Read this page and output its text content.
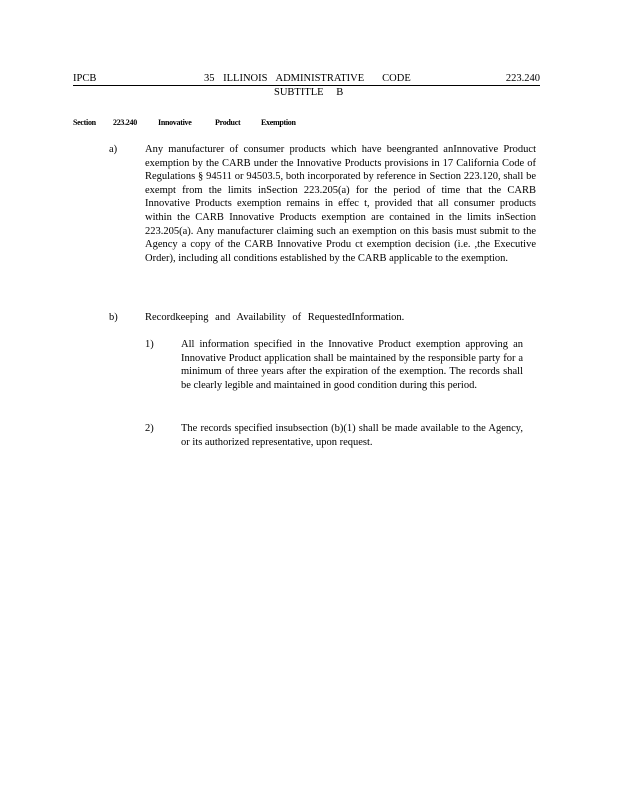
IPCB	35 ILLINOIS ADMINISTRATIVE CODE	223.240
SUBTITLE B
Section 223.240	Innovative	Product	Exemption
a)	Any manufacturer of consumer products which have beengranted anInnovative Product exemption by the CARB under the Innovative Products provisions in 17 California Code of Regulations § 94511 or 94503.5, both incorporated by reference in Section 223.120, shall be exempt from the limits inSection 223.205(a) for the period of time that the CARB Innovative Products exemption remains in effec t, provided that all consumer products within the CARB Innovative Products exemption are contained in the limits inSection 223.205(a). Any manufacturer claiming such an exemption on this basis must submit to the Agency a copy of the CARB Innovative Produ ct exemption decision (i.e. ,the Executive Order), including all conditions established by the CARB applicable to the exemption.
b)	Recordkeeping and Availability of RequestedInformation.
1)	All information specified in the Innovative Product exemption approving an Innovative Product application shall be maintained by the responsible party for a minimum of three years after the expiration of the exemption. The records shall be clearly legible and maintained in good condition during this period.
2)	The records specified insubsection (b)(1) shall be made available to the Agency, or its authorized representative, upon request.
